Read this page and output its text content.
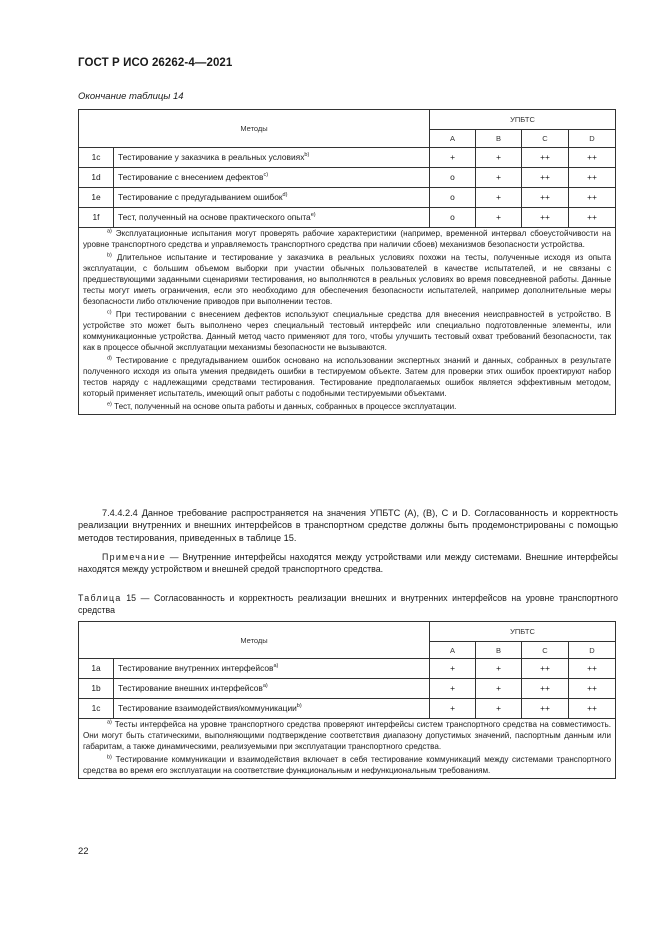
ГОСТ Р ИСО 26262-4—2021
Окончание таблицы 14
Методы		УПБТС			
		A	B	C	D
1c	Тестирование у заказчика в реальных условиях$^{b)}$	+	+	++	++
1d	Тестирование с внесением дефектов$^{c)}$	o	+	++	++
1e	Тестирование с предугадыванием ошибок$^{d)}$	o	+	++	++
1f	Тест, полученный на основе практического опыта$^{e)}$	o	+	++	++

$^{a)}$ Эксплуатационные испытания могут проверять рабочие характеристики (например, временной интервал сбоеустойчивости на уровне транспортного средства и управляемость транспортного средства при наличии сбоев) механизмов безопасности устройства.
$^{b)}$ Длительное испытание и тестирование у заказчика в реальных условиях похожи на тесты, полученные исходя из опыта эксплуатации, с большим объемом выборки при участии обычных пользователей в качестве испытателей, и не связаны с предшествующими заданными сценариями тестирования, но выполняются в реальных условиях во время повседневной работы. Данные тесты могут иметь ограничения, если это необходимо для обеспечения безопасности испытателей, например дополнительные меры безопасности либо отключение приводов при выполнении тестов.
$^{c)}$ При тестировании с внесением дефектов используют специальные средства для внесения неисправностей в устройство. В устройстве это может быть выполнено через специальный тестовый интерфейс или специально подготовленные элементы, или коммуникационные устройства. Данный метод часто применяют для того, чтобы улучшить тестовый охват требований безопасности, так как в процессе обычной эксплуатации механизмы безопасности не вызываются.
$^{d)}$ Тестирование с предугадыванием ошибок основано на использовании экспертных знаний и данных, собранных в результате полученного исходя из опыта умения предвидеть ошибки в тестируемом объекте. Затем для проверки этих ошибок проектируют набор тестов наряду с надлежащими средствами тестирования. Тестирование предполагаемых ошибок является эффективным методом, который применяет испытатель, имеющий опыт работы с подобными тестируемыми объектами.
$^{e)}$ Тест, полученный на основе опыта работы и данных, собранных в процессе эксплуатации.					
7.4.4.2.4 Данное требование распространяется на значения УПБТС (A), (B), C и D. Согласованность и корректность реализации внутренних и внешних интерфейсов в транспортном средстве должны быть продемонстрированы с помощью методов тестирования, приведенных в таблице 15.
Примечание — Внутренние интерфейсы находятся между устройствами или между системами. Внешние интерфейсы находятся между устройством и внешней средой транспортного средства.
Таблица 15 — Согласованность и корректность реализации внешних и внутренних интерфейсов на уровне транспортного средства
Методы		УПБТС			
		A	B	C	D
1a	Тестирование внутренних интерфейсов$^{a)}$	+	+	++	++
1b	Тестирование внешних интерфейсов$^{a)}$	+	+	++	++
1c	Тестирование взаимодействия/коммуникации$^{b)}$	+	+	++	++

$^{a)}$ Тесты интерфейса на уровне транспортного средства проверяют интерфейсы систем транспортного средства на совместимость. Они могут быть статическими, выполняющими подтверждение соответствия диапазону допустимых значений, паспортным данным или габаритам, а также динамическими, реализуемыми при эксплуатации транспортного средства.
$^{b)}$ Тестирование коммуникации и взаимодействия включает в себя тестирование коммуникаций между системами транспортного средства во время его эксплуатации на соответствие функциональным и нефункциональным требованиям.					
22
